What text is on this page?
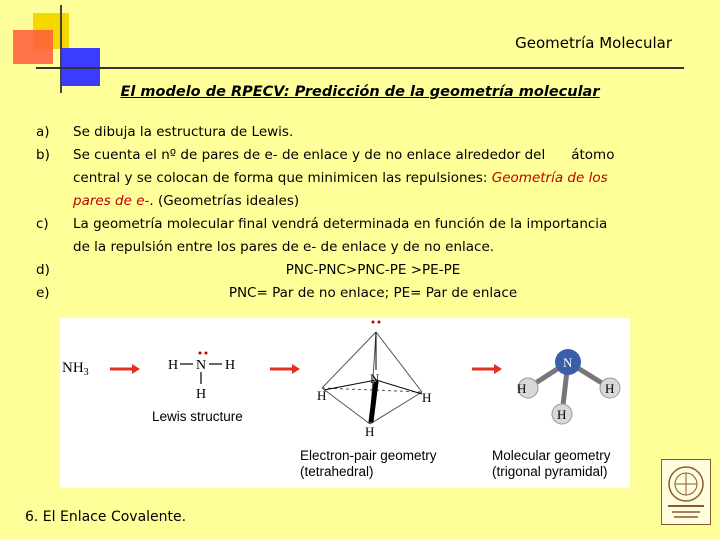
Geometría Molecular
El modelo de RPECV: Predicción de la geometría molecular
a)
b)
c)
d)
e)
Se dibuja la estructura de Lewis.
Se cuenta el nº de pares de e- de enlace y de no enlace alrededor del átomo
central y se colocan de forma que minimicen las repulsiones: Geometría de los
pares de e-. (Geometrías ideales)
La geometría molecular final vendrá determinada en función de la importancia
de la repulsión entre los pares de e- de enlace y de no enlace.
PNC-PNC>PNC-PE >PE-PE
PNC= Par de no enlace; PE= Par de enlace
$NH_3$	H N H
H
Lewis structure
N
H	H
H
Electron-pair geometry
(tetrahedral)
N
H	H
H
Molecular geometry
(trigonal pyramidal)
6. El Enlace Covalente.
